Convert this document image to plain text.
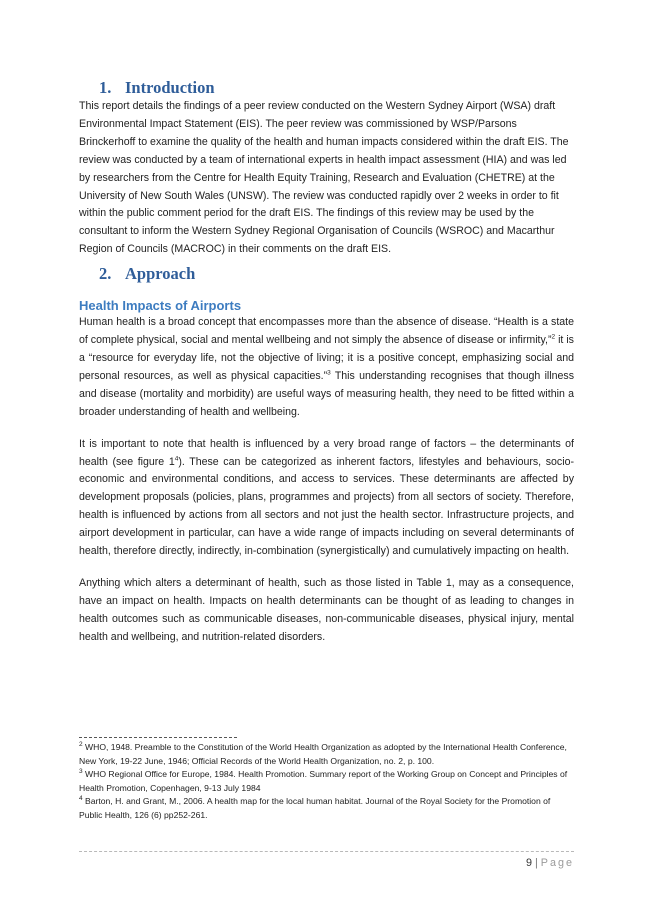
1. Introduction

This report details the findings of a peer review conducted on the Western Sydney Airport (WSA) draft Environmental Impact Statement (EIS). The peer review was commissioned by WSP/Parsons Brinckerhoff to examine the quality of the health and human impacts considered within the draft EIS. The review was conducted by a team of international experts in health impact assessment (HIA) and was led by researchers from the Centre for Health Equity Training, Research and Evaluation (CHETRE) at the University of New South Wales (UNSW). The review was conducted rapidly over 2 weeks in order to fit within the public comment period for the draft EIS. The findings of this review may be used by the consultant to inform the Western Sydney Regional Organisation of Councils (WSROC) and Macarthur Region of Councils (MACROC) in their comments on the draft EIS.

2. Approach
Health Impacts of Airports

Human health is a broad concept that encompasses more than the absence of disease. “Health is a state of complete physical, social and mental wellbeing and not simply the absence of disease or infirmity,”$^2$ it is a “resource for everyday life, not the objective of living; it is a positive concept, emphasizing social and personal resources, as well as physical capacities.”$^3$ This understanding recognises that though illness and disease (mortality and morbidity) are useful ways of measuring health, they need to be fitted within a broader understanding of health and wellbeing.

It is important to note that health is influenced by a very broad range of factors – the determinants of health (see figure $1^4$). These can be categorized as inherent factors, lifestyles and behaviours, socio-economic and environmental conditions, and access to services. These determinants are affected by development proposals (policies, plans, programmes and projects) from all sectors of society. Therefore, health is influenced by actions from all sectors and not just the health sector. Infrastructure projects, and airport development in particular, can have a wide range of impacts including on several determinants of health, therefore directly, indirectly, in-combination (synergistically) and cumulatively impacting on health.

Anything which alters a determinant of health, such as those listed in Table 1, may as a consequence, have an impact on health. Impacts on health determinants can be thought of as leading to changes in health outcomes such as communicable diseases, non-communicable diseases, physical injury, mental health and wellbeing, and nutrition-related disorders.

$^2$ WHO, 1948. Preamble to the Constitution of the World Health Organization as adopted by the International Health Conference, New York, 19-22 June, 1946; Official Records of the World Health Organization, no. 2, p. 100.

$^3$ WHO Regional Office for Europe, 1984. Health Promotion. Summary report of the Working Group on Concept and Principles of Health Promotion, Copenhagen, 9-13 July 1984

$^4$ Barton, H. and Grant, M., 2006. A health map for the local human habitat. Journal of the Royal Society for the Promotion of Public Health, 126 (6) pp252-261.

9 | Page
